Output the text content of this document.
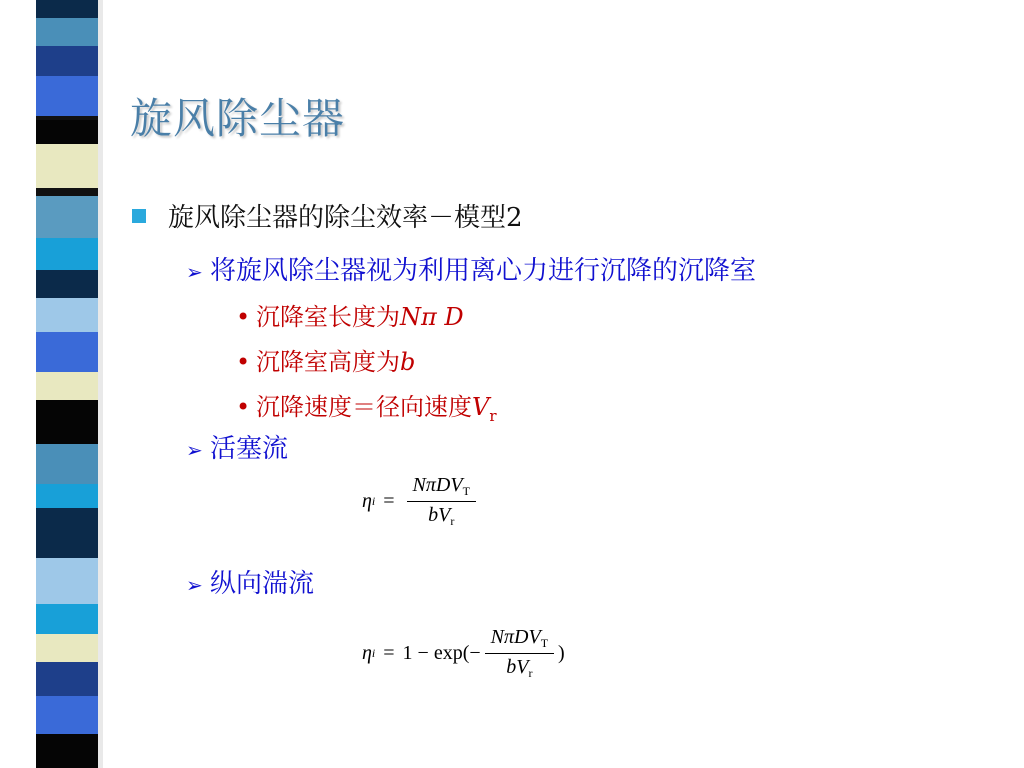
旋风除尘器
旋风除尘器的除尘效率－模型2
➢ 将旋风除尘器视为利用离心力进行沉降的沉降室
• 沉降室长度为Nπ D
• 沉降室高度为b
• 沉降速度＝径向速度$V_r$
➢ 活塞流
η $i = \frac{N\pi DV_T}{bV_r}$
➢ 纵向湍流
η $i = 1 - \exp(- \frac{N\pi DV_T}{bV_r}$ )
